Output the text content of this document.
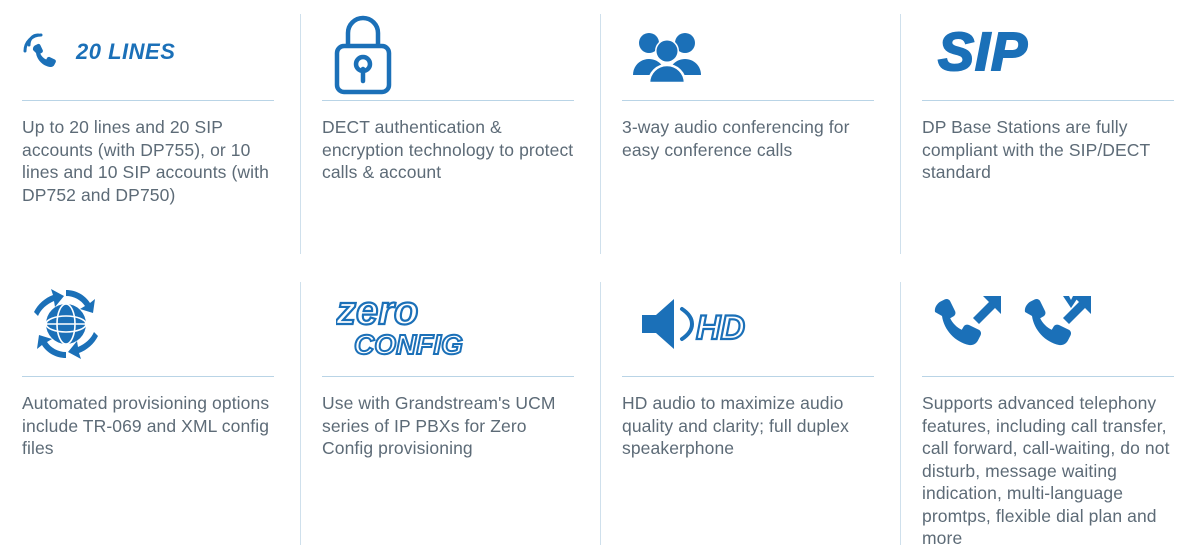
20 LINES
Up to 20 lines and 20 SIP accounts (with DP755), or 10 lines and 10 SIP accounts (with DP752 and DP750)
DECT authentication & encryption technology to protect calls & account
3-way audio conferencing for easy conference calls
SIP
DP Base Stations are fully compliant with the SIP/DECT standard
Automated provisioning options include TR-069 and XML config files
zero
CONFIG
Use with Grandstream's UCM series of IP PBXs for Zero Config provisioning
HD
HD audio to maximize audio quality and clarity; full duplex speakerphone
Supports advanced telephony features, including call transfer, call forward, call-waiting, do not disturb, message waiting indication, multi-language promtps, flexible dial plan and more
